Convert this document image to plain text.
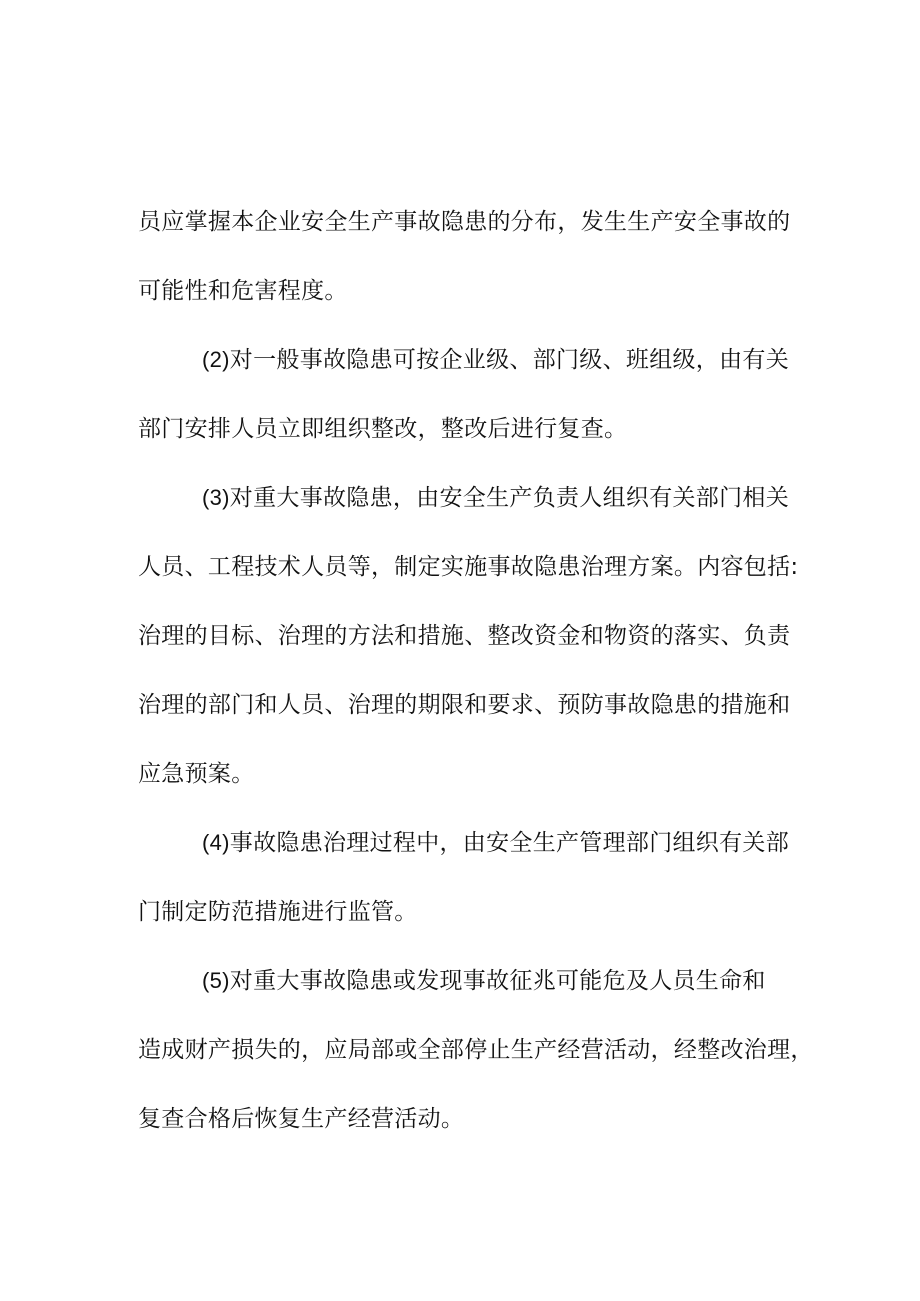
员应掌握本企业安全生产事故隐患的分布，发生生产安全事故的
可能性和危害程度。
(2)对一般事故隐患可按企业级、部门级、班组级，由有关
部门安排人员立即组织整改，整改后进行复查。
(3)对重大事故隐患，由安全生产负责人组织有关部门相关
人员、工程技术人员等，制定实施事故隐患治理方案。内容包括:
治理的目标、治理的方法和措施、整改资金和物资的落实、负责
治理的部门和人员、治理的期限和要求、预防事故隐患的措施和
应急预案。
(4)事故隐患治理过程中，由安全生产管理部门组织有关部
门制定防范措施进行监管。
(5)对重大事故隐患或发现事故征兆可能危及人员生命和
造成财产损失的，应局部或全部停止生产经营活动，经整改治理，
复查合格后恢复生产经营活动。
